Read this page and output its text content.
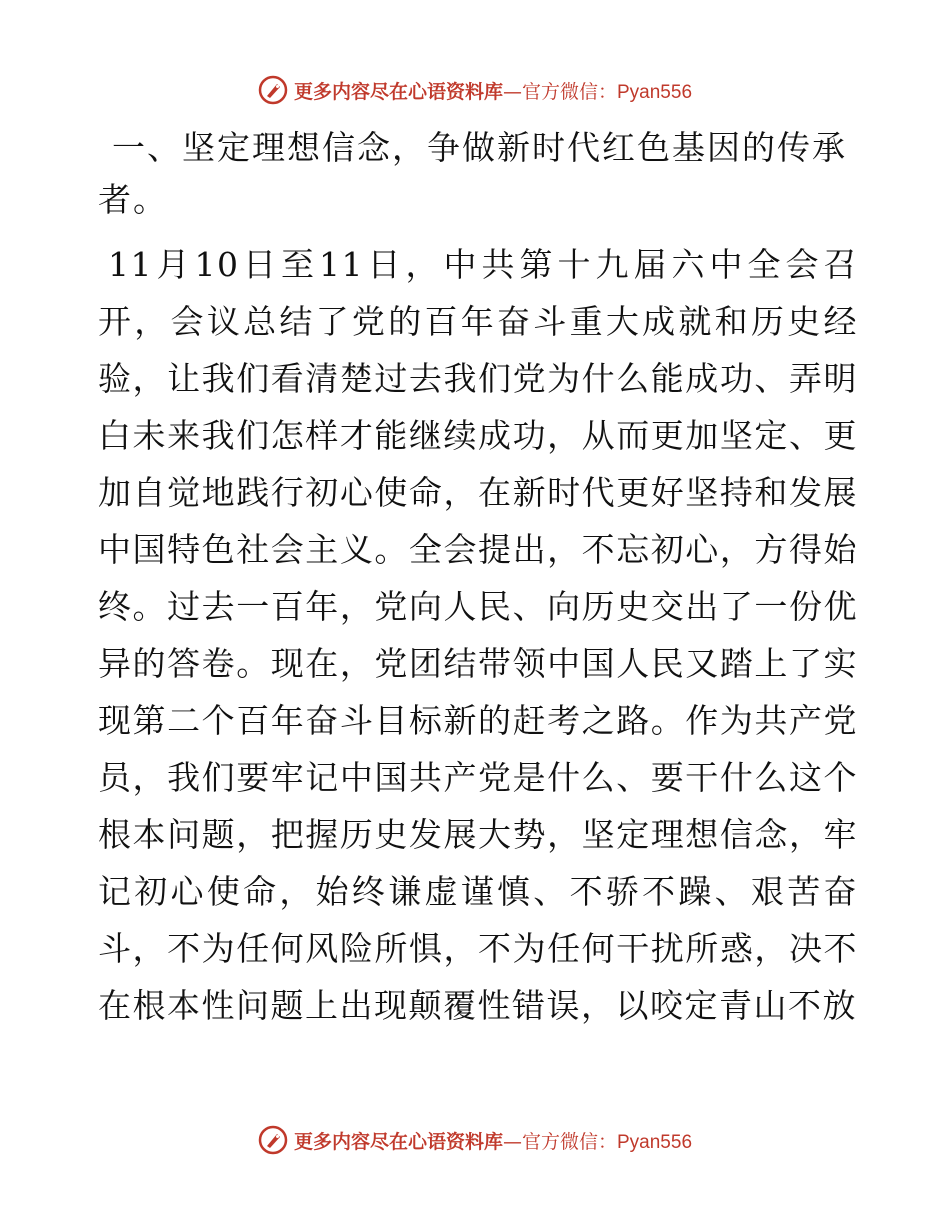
更多内容尽在心语资料库—官方微信：Pyan556
一、坚定理想信念，争做新时代红色基因的传承者。

11月10日至11日，中共第十九届六中全会召开，会议总结了党的百年奋斗重大成就和历史经验，让我们看清楚过去我们党为什么能成功、弄明白未来我们怎样才能继续成功，从而更加坚定、更加自觉地践行初心使命，在新时代更好坚持和发展中国特色社会主义。全会提出，不忘初心，方得始终。过去一百年，党向人民、向历史交出了一份优异的答卷。现在，党团结带领中国人民又踏上了实现第二个百年奋斗目标新的赶考之路。作为共产党员，我们要牢记中国共产党是什么、要干什么这个根本问题，把握历史发展大势，坚定理想信念，牢记初心使命，始终谦虚谨慎、不骄不躁、艰苦奋斗，不为任何风险所惧，不为任何干扰所惑，决不在根本性问题上出现颠覆性错误，以咬定青山不放

更多内容尽在心语资料库—官方微信：Pyan556
